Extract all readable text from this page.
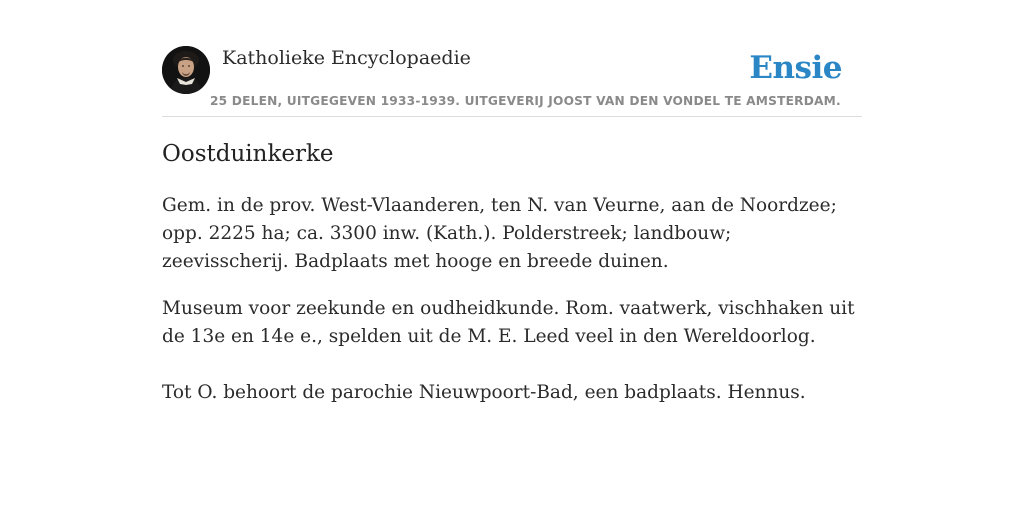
Katholieke Encyclopaedie	Ensie
25 DELEN, UITGEGEVEN 1933-1939. UITGEVERIJ JOOST VAN DEN VONDEL TE AMSTERDAM.
Oostduinkerke

Gem. in de prov. West-Vlaanderen, ten N. van Veurne, aan de Noordzee; opp. 2225 ha; ca. 3300 inw. (Kath.). Polderstreek; landbouw; zeevisscherij. Badplaats met hooge en breede duinen.

Museum voor zeekunde en oudheidkunde. Rom. vaatwerk, vischhaken uit de 13e en 14e e., spelden uit de M. E. Leed veel in den Wereldoorlog.

Tot O. behoort de parochie Nieuwpoort-Bad, een badplaats. Hennus.
